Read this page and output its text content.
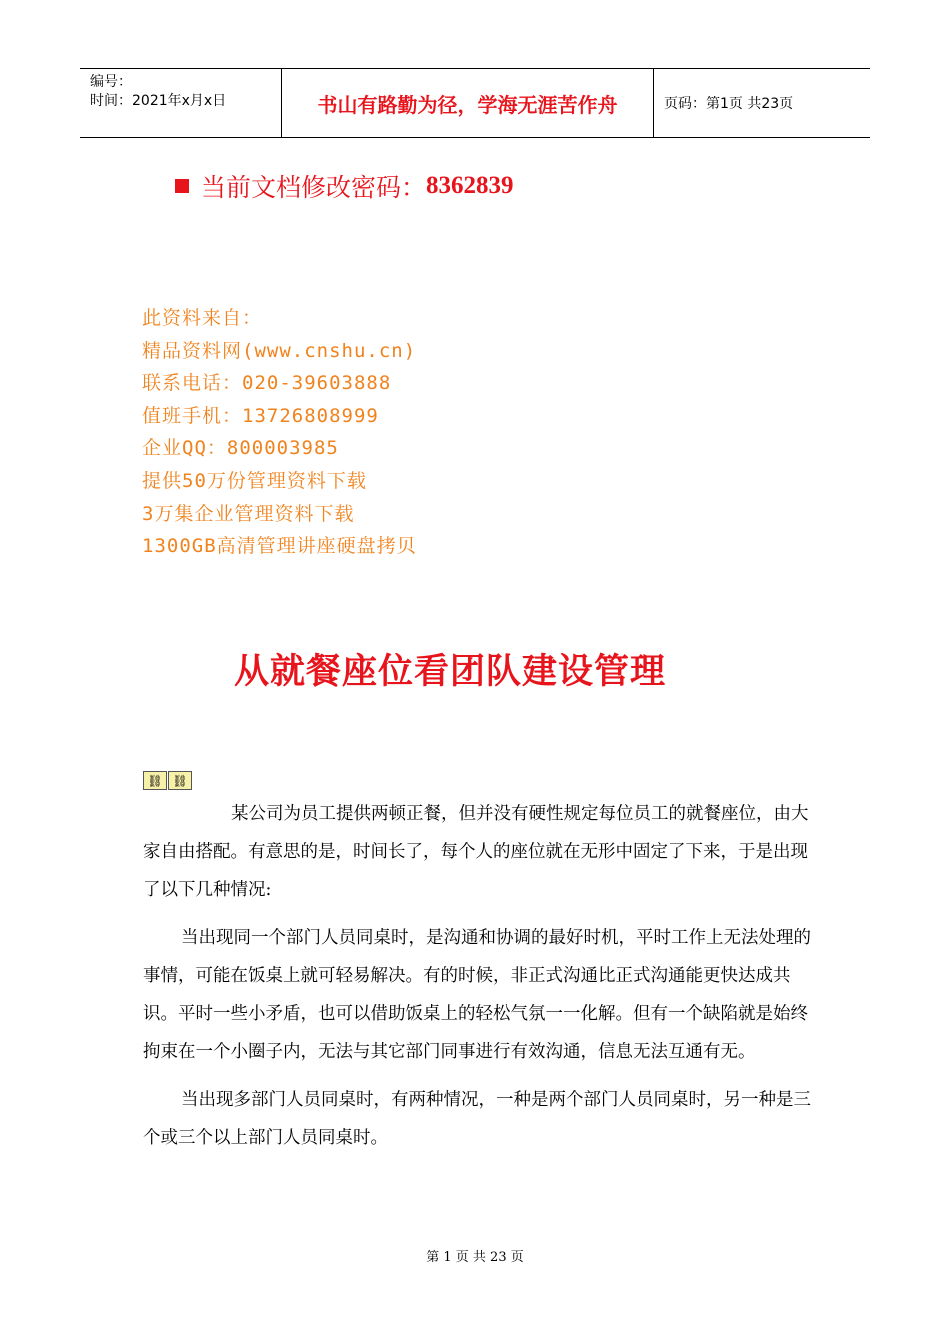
编号：
时间：2021年x月x日	书山有路勤为径，学海无涯苦作舟	页码：第1页 共23页
当前文档修改密码： 8362839
此资料来自：
精品资料网(www.cnshu.cn)
联系电话：020-39603888
值班手机：13726808999
企业QQ：800003985
提供50万份管理资料下载
3万集企业管理资料下载
1300GB高清管理讲座硬盘拷贝
从就餐座位看团队建设管理
⛓ ⛓

某公司为员工提供两顿正餐，但并没有硬性规定每位员工的就餐座位，由大家自由搭配。有意思的是，时间长了，每个人的座位就在无形中固定了下来，于是出现了以下几种情况:

当出现同一个部门人员同桌时，是沟通和协调的最好时机，平时工作上无法处理的事情，可能在饭桌上就可轻易解决。有的时候，非正式沟通比正式沟通能更快达成共识。平时一些小矛盾，也可以借助饭桌上的轻松气氛一一化解。但有一个缺陷就是始终拘束在一个小圈子内，无法与其它部门同事进行有效沟通，信息无法互通有无。

当出现多部门人员同桌时，有两种情况，一种是两个部门人员同桌时，另一种是三个或三个以上部门人员同桌时。

第 1 页 共 23 页
